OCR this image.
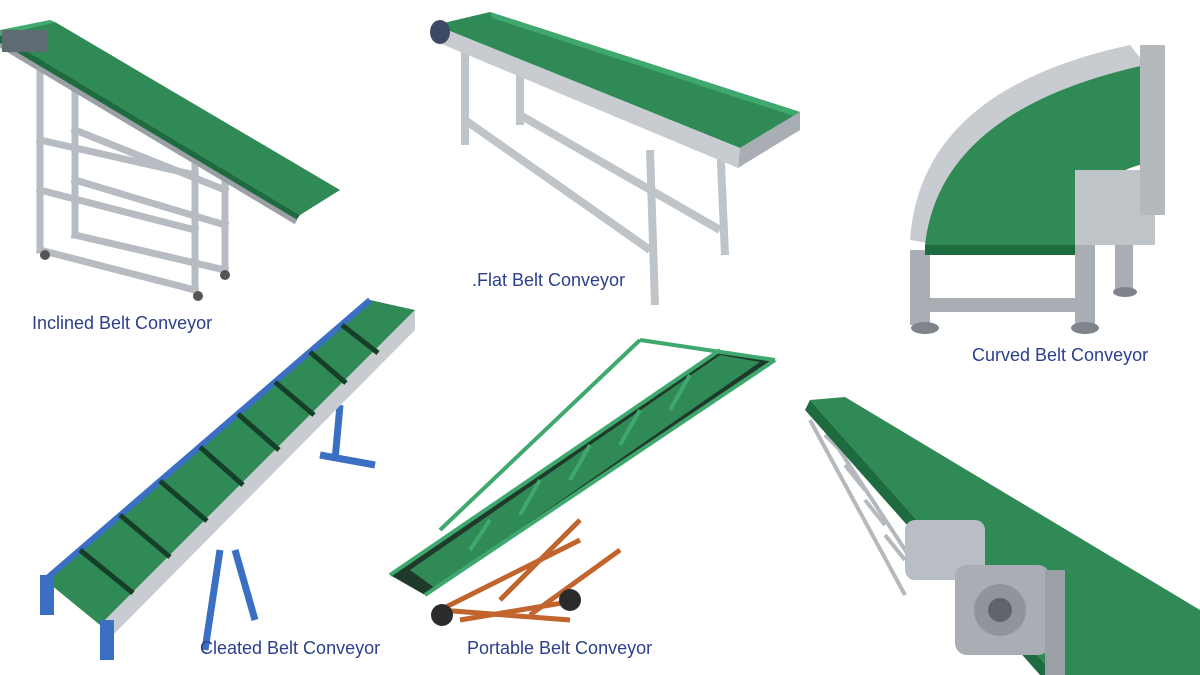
Inclined Belt Conveyor
.Flat Belt Conveyor
Curved Belt Conveyor
Cleated Belt Conveyor	Portable Belt Conveyor
